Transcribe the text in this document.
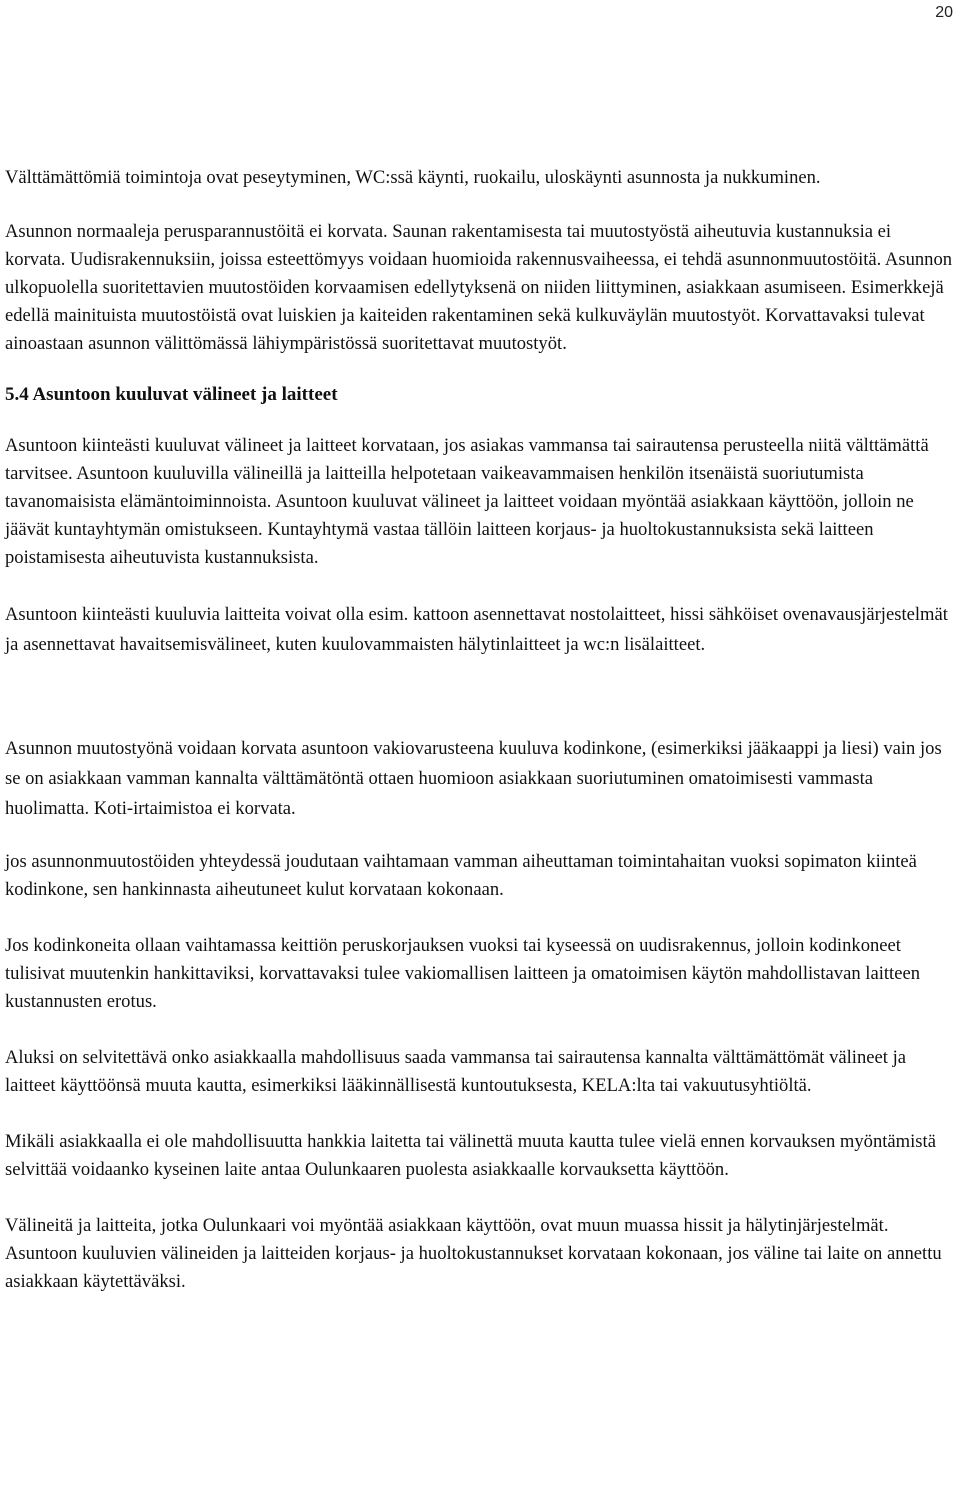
20

Välttämättömiä toimintoja ovat peseytyminen, WC:ssä käynti, ruokailu, uloskäynti asunnosta ja nukkuminen.

Asunnon normaaleja perusparannustöitä ei korvata. Saunan rakentamisesta tai muutostyöstä aiheutuvia kustannuksia ei korvata. Uudisrakennuksiin, joissa esteettömyys voidaan huomioida rakennusvaiheessa, ei tehdä asunnonmuutostöitä. Asunnon ulkopuolella suoritettavien muutostöiden korvaamisen edellytyksenä on niiden liittyminen, asiakkaan asumiseen. Esimerkkejä edellä mainituista muutostöistä ovat luiskien ja kaiteiden rakentaminen sekä kulkuväylän muutostyöt. Korvattavaksi tulevat ainoastaan asunnon välittömässä lähiympäristössä suoritettavat muutostyöt.

5.4 Asuntoon kuuluvat välineet ja laitteet

Asuntoon kiinteästi kuuluvat välineet ja laitteet korvataan, jos asiakas vammansa tai sairautensa perusteella niitä välttämättä tarvitsee. Asuntoon kuuluvilla välineillä ja laitteilla helpotetaan vaikeavammaisen henkilön itsenäistä suoriutumista tavanomaisista elämäntoiminnoista. Asuntoon kuuluvat välineet ja laitteet voidaan myöntää asiakkaan käyttöön, jolloin ne jäävät kuntayhtymän omistukseen. Kuntayhtymä vastaa tällöin laitteen korjaus- ja huoltokustannuksista sekä laitteen poistamisesta aiheutuvista kustannuksista.

Asuntoon kiinteästi kuuluvia laitteita voivat olla esim. kattoon asennettavat nostolaitteet, hissi sähköiset ovenavausjärjestelmät ja asennettavat havaitsemisvälineet, kuten kuulovammaisten hälytinlaitteet ja wc:n lisälaitteet.

Asunnon muutostyönä voidaan korvata asuntoon vakiovarusteena kuuluva kodinkone, (esimerkiksi jääkaappi ja liesi) vain jos se on asiakkaan vamman kannalta välttämätöntä ottaen huomioon asiakkaan suoriutuminen omatoimisesti vammasta huolimatta. Koti-irtaimistoa ei korvata.

jos asunnonmuutostöiden yhteydessä joudutaan vaihtamaan vamman aiheuttaman toimintahaitan vuoksi sopimaton kiinteä kodinkone, sen hankinnasta aiheutuneet kulut korvataan kokonaan.

Jos kodinkoneita ollaan vaihtamassa keittiön peruskorjauksen vuoksi tai kyseessä on uudisrakennus, jolloin kodinkoneet tulisivat muutenkin hankittaviksi, korvattavaksi tulee vakiomallisen laitteen ja omatoimisen käytön mahdollistavan laitteen kustannusten erotus.

Aluksi on selvitettävä onko asiakkaalla mahdollisuus saada vammansa tai sairautensa kannalta välttämättömät välineet ja laitteet käyttöönsä muuta kautta, esimerkiksi lääkinnällisestä kuntoutuksesta, KELA:lta tai vakuutusyhtiöltä.

Mikäli asiakkaalla ei ole mahdollisuutta hankkia laitetta tai välinettä muuta kautta tulee vielä ennen korvauksen myöntämistä selvittää voidaanko kyseinen laite antaa Oulunkaaren puolesta asiakkaalle korvauksetta käyttöön.

Välineitä ja laitteita, jotka Oulunkaari voi myöntää asiakkaan käyttöön, ovat muun muassa hissit ja hälytinjärjestelmät. Asuntoon kuuluvien välineiden ja laitteiden korjaus- ja huoltokustannukset korvataan kokonaan, jos väline tai laite on annettu asiakkaan käytettäväksi.
